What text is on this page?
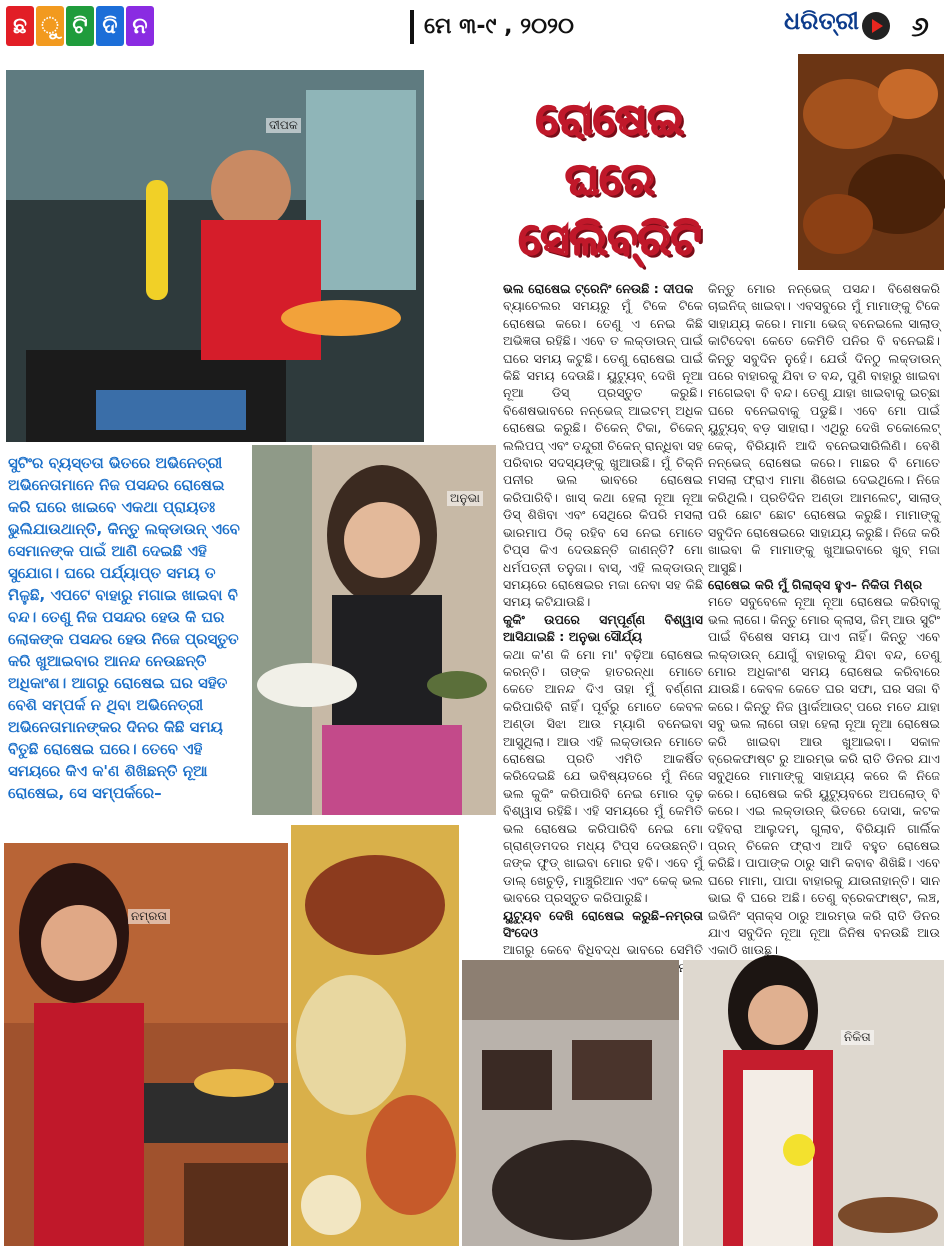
ଛ ୁ ଟି ଦି ନ	ମେ ୩-୯ , ୨୦୨୦	ଧରିତ୍ରୀ	୬
ଦୀପକ	ରୋଷେଇ
ଘରେ
ସେଲିବ୍ରିଟି
ଅନୁଭା
ସୁଟିଂର ବ୍ୟସ୍ତତା ଭିତରେ ଅଭିନେତ୍ରୀ ଅଭିନେତାମାନେ ନିଜ ପସନ୍ଦର ରୋଷେଇ କରି ଘରେ ଖାଇବେ ଏକଥା ପ୍ରାୟତଃ ଭୁଲିଯାଉଥାନ୍ତି, କିନ୍ତୁ ଲକ୍‌ଡାଉନ୍ ଏବେ ସେମାନଙ୍କ ପାଇଁ ଆଣି ଦେଇଛି ଏହି ସୁଯୋଗ। ଘରେ ପର୍ଯ୍ୟାପ୍ତ ସମୟ ତ ମିଳୁଛି, ଏପଟେ ବାହାରୁ ମଗାଇ ଖାଇବା ବି ବନ୍ଦ। ତେଣୁ ନିଜ ପସନ୍ଦର ହେଉ କି ଘର ଲୋକଙ୍କ ପସନ୍ଦର ହେଉ ନିଜେ ପ୍ରସ୍ତୁତ କରି ଖୁଆଇବାର ଆନନ୍ଦ ନେଉଛନ୍ତି ଅଧିକାଂଶ। ଆଗରୁ ରୋଷେଇ ଘର ସହିତ ବେଶି ସମ୍ପର୍କ ନ ଥିବା ଅଭିନେତ୍ରୀ ଅଭିନେତାମାନଙ୍କର ଦିନର କିଛି ସମୟ ବିତୁଛି ରୋଷେଇ ଘରେ। ତେବେ ଏହି ସମୟରେ କିଏ କ'ଣ ଶିଖିଛନ୍ତି ନୂଆ ରୋଷେଇ, ସେ ସମ୍ପର୍କରେ–

ଭଲ ରୋଷେଇ ଟ୍ରେନିଂ ନେଉଛି : ଦୀପକ

ବ୍ୟାଚେଲର ସମୟରୁ ମୁଁ ଟିକେ ଟିକେ ରୋଷେଇ କରେ। ତେଣୁ ଏ ନେଇ କିଛି ଅଭିଜ୍ଞତା ରହିଛି। ଏବେ ତ ଲକ୍‌ଡାଉନ୍ ପାଇଁ ଘରେ ସମୟ କଟୁଛି। ତେଣୁ ରୋଷେଇ ପାଇଁ କିଛି ସମୟ ଦେଉଛି। ୟୁଟ୍ୟୁବ୍ ଦେଖି ନୂଆ ନୂଆ ଡିସ୍ ପ୍ରସ୍ତୁତ କରୁଛି। ବିଶେଷଭାବରେ ନନ୍‌ଭେଜ୍ ଆଇଟମ୍ ଅଧିକ ରୋଷେଇ କରୁଛି। ଚିକେନ୍ ଟିକା, ଚିକେନ୍ ଲଲିପପ୍ ଏବଂ ତନ୍ଦୁରୀ ଚିକେନ୍ ରାନ୍ଧିବା ସହ ପରିବାର ସଦସ୍ୟଙ୍କୁ ଖୁଆଉଛି। ମୁଁ ଚିକ୍ନି ପନୀର ଭଲ ଭାବରେ ରୋଷେଇ କରିପାରିବି। ଖାସ୍ କଥା ହେଲା ନୂଆ ନୂଆ ଡିସ୍ ଶିଖିବା ଏବଂ ସେଥିରେ କିପରି ମସଲା ଭାରମାପ ଠିକ୍ ରହିବ ସେ ନେଇ ମୋତେ ଟିପ୍ସ କିଏ ଦେଉଛନ୍ତି ଜାଣନ୍ତି? ମୋ ଧର୍ମପତ୍ନୀ ତନୁଜା। ବାସ୍, ଏହି ଲକ୍‌ଡାଉନ୍ ସମୟରେ ରୋଷେଇର ମଜା ନେବା ସହ କିଛି ସମୟ କଟିଯାଉଛି।

କୁକିଂ ଉପରେ ସମ୍ପୂର୍ଣ୍ଣ ବିଶ୍ୱାସ ଆସିଯାଇଛି : ଅନୁଭା ସୌର୍ଯ୍ୟ

କଥା କ'ଣ କି ମୋ ମା' ବଢ଼ିଆ ରୋଷେଇ କରନ୍ତି। ତାଙ୍କ ହାତରନ୍ଧା ମୋତେ କେତେ ଆନନ୍ଦ ଦିଏ ତାହା ମୁଁ ବର୍ଣ୍ଣନା କରିପାରିବି ନାହିଁ। ପୂର୍ବରୁ ମୋତେ କେବଳ ଅଣ୍ଡା ସିଝା ଆଉ ମ୍ୟାଗି ବନେଇବା ଆସୁଥିଲା। ଆଉ ଏହି ଲକ୍‌ଡାଉନ ମୋତେ ରୋଷେଇ ପ୍ରତି ଏମିତି ଆକର୍ଷିତ କରିଦେଇଛି ଯେ ଭବିଷ୍ୟତରେ ମୁଁ ନିଜେ ଭଲ କୁକିଂ କରିପାରିବି ନେଇ ମୋର ଦୃଢ଼ ବିଶ୍ୱାସ ରହିଛି। ଏହି ସମୟରେ ମୁଁ କେମିତି ଭଲ ରୋଷେଇ କରିପାରିବି ନେଇ ମୋ ଗ୍ରାଣ୍ଡମଦର ମଧ୍ୟ ଟିପ୍ସ ଦେଉଛନ୍ତି। ଜଙ୍କ ଫୁଡ୍ ଖାଇବା ମୋର ହବି। ଏବେ ମୁଁ ଡାଲ୍ ଖେଚୁଡ଼ି, ମାଞ୍ଚୁରିଆନ ଏବଂ କେକ୍ ଭଲ ଭାବରେ ପ୍ରସ୍ତୁତ କରିପାରୁଛି।

ୟୁଟ୍ୟୁବ ଦେଖି ରୋଷେଇ କରୁଛି–ନମ୍ରତା ସିଂଦେଓ

ଆଗରୁ କେବେ ବିଧିବଦ୍ଧ ଭାବରେ ସେମିତି

କିନ୍ତୁ ମୋର ନନ୍‌ଭେଜ୍ ପସନ୍ଦ। ବିଶେଷକରି ଚାଇନିଜ୍ ଖାଇବା। ଏବସବୁରେ ମୁଁ ମାମାଙ୍କୁ ଟିକେ ସାହାଯ୍ୟ କରେ। ମାମା ଭେଜ୍ ବନେଇଲେ ସାଲାଡ୍ କାଟିଦେବା କେତେ କେମିତି ପନିର ବି ବନେଇଛି। କିନ୍ତୁ ସବୁଦିନ ନୁହେଁ। ଯେଉଁ ଦିନଠୁ ଲକ୍‌ଡାଉନ୍ ପରେ ବାହାରକୁ ଯିବା ତ ବନ୍ଦ, ପୁଣି ବାହାରୁ ଖାଇବା ମଗେଇବା ବି ବନ୍ଦ। ତେଣୁ ଯାହା ଖାଇବାକୁ ଇଚ୍ଛା ଘରେ ବନେଇବାକୁ ପଡୁଛି। ଏବେ ମୋ ପାଇଁ ୟୁଟ୍ୟୁବ୍ ବଡ଼ ସାହାରା। ଏଥିରୁ ଦେଖି ଚକୋଲେଟ୍ କେକ୍, ବିରିୟାନି ଆଦି ବନେଇସାରିଲିଣି। ବେଶି ନନ୍‌ଭେଜ୍ ରୋଷେଇ କରେ। ମାଛର ବି ମୋତେ ମସଲା ଫ୍ରାଏ ମାମା ଶିଖେଇ ଦେଇଥିଲେ। ନିଜେ କରିଥିଲି। ପ୍ରତିଦିନ ଅଣ୍ଡା ଆମଲେଟ୍, ସାଲାଡ୍ ପରି ଛୋଟ ଛୋଟ ରୋଷେଇ କରୁଛି। ମାମାଙ୍କୁ ସବୁଦିନ ରୋଷେଇରେ ସାହାଯ୍ୟ କରୁଛି। ନିଜେ କରି ଖାଇବା କି ମାମାଙ୍କୁ ଖୁଆଇବାରେ ଖୁବ୍ ମଜା ଆସୁଛି।

ରୋଷେଇ କରି ମୁଁ ଗିଲାକ୍ସ ହୁଏ– ନିକିତା ମିଶ୍ର

ମତେ ସବୁବେଳେ ନୂଆ ନୂଆ ରୋଷେଇ କରିବାକୁ ଭଲ ଲାଗେ। କିନ୍ତୁ ମୋର କ୍ଲାସ, ଜିମ୍ ଆଉ ସୁଟିଂ ପାଇଁ ବିଶେଷ ସମୟ ପାଏ ନାହିଁ। କିନ୍ତୁ ଏବେ ଲକ୍‌ଡାଉନ୍ ଯୋଗୁଁ ବାହାରକୁ ଯିବା ବନ୍ଦ, ତେଣୁ ମୋର ଅଧିକାଂଶ ସମୟ ରୋଷେଇ କରିବାରେ ଯାଉଛି। କେବଳ କେତେ ଘର ସଫା, ଘର ସଜା ବି କରେ। କିନ୍ତୁ ନିଜ ୱାର୍କଆଉଟ୍ ପରେ ମତେ ଯାହା ସବୁ ଭଲ ଲାଗେ ତାହା ହେଲା ନୂଆ ନୂଆ ରୋଷେଇ କରି ଖାଇବା ଆଉ ଖୁଆଇବା। ସକାଳ ବ୍ରେକଫାଷ୍ଟ ରୁ ଆରମ୍ଭ କରି ରାତି ଡିନର ଯାଏ ସବୁଥିରେ ମାମାଙ୍କୁ ସାହାଯ୍ୟ କରେ କି ନିଜେ କରେ। ରୋଷେଇ କରି ୟୁଟ୍ୟୁବରେ ଅପଲୋଡ୍ ବି କରେ। ଏଇ ଲକ୍‌ଡାଉନ୍ ଭିତରେ ଦୋସା, କଟକ ଦହିବରା ଆଲୁଦମ୍, ଗୁଲାବ, ବିରିୟାନି ଗାର୍ଲିକ ପ୍ରନ୍ ଚିକେନ ଫ୍ରାଏ ଆଦି ବହୁତ ରୋଷେଇ କରିଛି। ପାପାଙ୍କ ଠାରୁ ସାମି କବାବ ଶିଖିଛି। ଏବେ ଘରେ ମାମା, ପାପା ବାହାରକୁ ଯାଉନାହାନ୍ତି। ସାନ ଭାଇ ବି ଘରେ ଅଛି। ତେଣୁ ବ୍ରେକଫାଷ୍ଟ, ଲଞ୍ଚ, ଇଭିନିଂ ସ୍ନାକ୍ସ ଠାରୁ ଆରମ୍ଭ କରି ରାତି ଡିନର ଯାଏ ସବୁଦିନ ନୂଆ ନୂଆ ଜିନିଷ ବନଉଛି ଆଉ ଏକାଠି ଖାଉଛୁ।

ନମ୍ରତା
ନିକିତା
